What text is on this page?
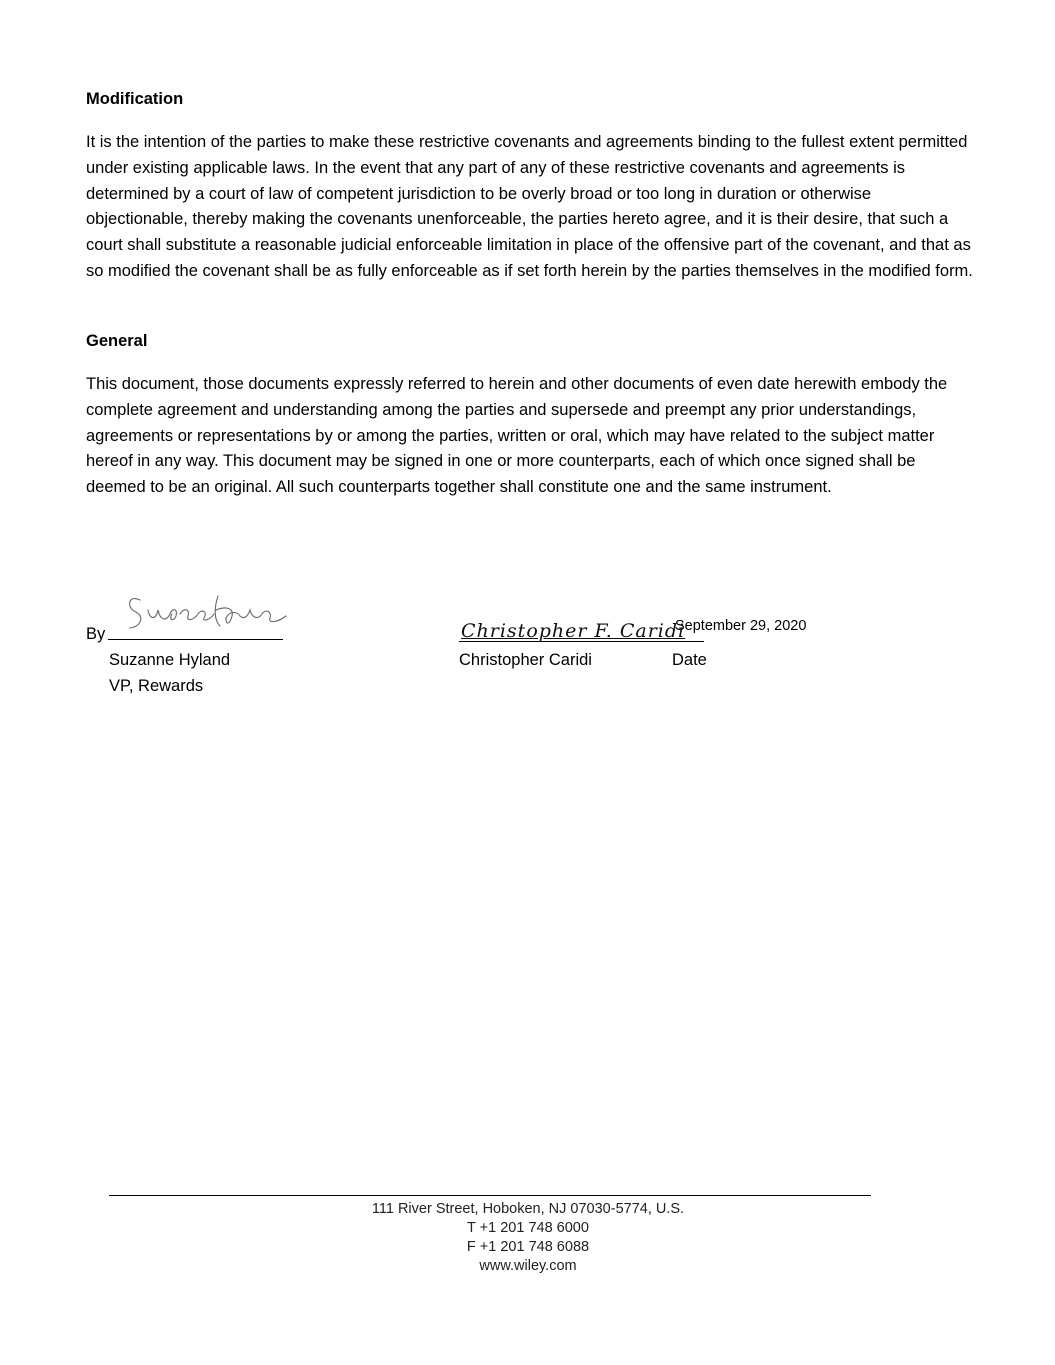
Modification

It is the intention of the parties to make these restrictive covenants and agreements binding to the fullest extent permitted under existing applicable laws. In the event that any part of any of these restrictive covenants and agreements is determined by a court of law of competent jurisdiction to be overly broad or too long in duration or otherwise objectionable, thereby making the covenants unenforceable, the parties hereto agree, and it is their desire, that such a court shall substitute a reasonable judicial enforceable limitation in place of the offensive part of the covenant, and that as so modified the covenant shall be as fully enforceable as if set forth herein by the parties themselves in the modified form.

General

This document, those documents expressly referred to herein and other documents of even date herewith embody the complete agreement and understanding among the parties and supersede and preempt any prior understandings, agreements or representations by or among the parties, written or oral, which may have related to the subject matter hereof in any way. This document may be signed in one or more counterparts, each of which once signed shall be deemed to be an original. All such counterparts together shall constitute one and the same instrument.

By
Suzanne Hyland
VP, Rewards
Christopher F. Caridi
September 29, 2020
Christopher Caridi	Date
111 River Street, Hoboken, NJ 07030-5774, U.S.
T +1 201 748 6000
F +1 201 748 6088
www.wiley.com
